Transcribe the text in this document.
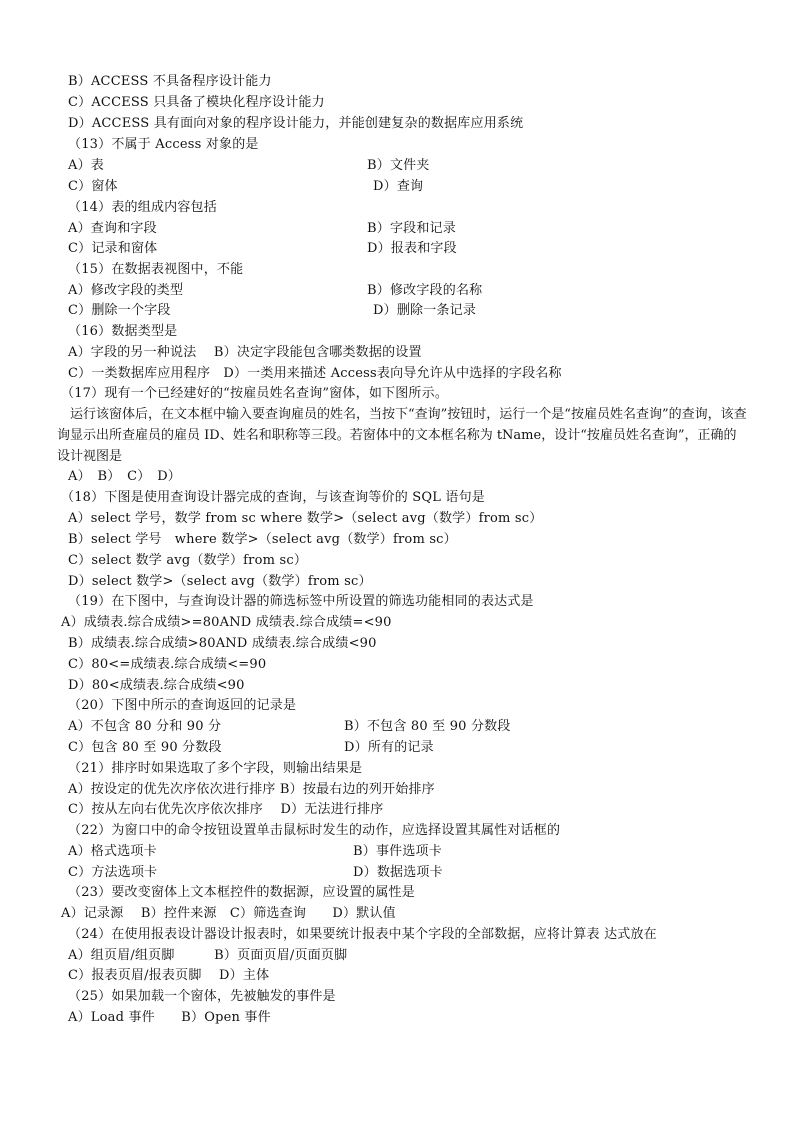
B）ACCESS 不具备程序设计能力
C）ACCESS 只具备了模块化程序设计能力
D）ACCESS 具有面向对象的程序设计能力，并能创建复杂的数据库应用系统
（13）不属于 Access 对象的是
A）表	B）文件夹
C）窗体	D）查询
（14）表的组成内容包括
A）查询和字段	B）字段和记录
C）记录和窗体	D）报表和字段
（15）在数据表视图中，不能
A）修改字段的类型	B）修改字段的名称
C）删除一个字段	D）删除一条记录
（16）数据类型是
A）字段的另一种说法　 B）决定字段能包含哪类数据的设置
C）一类数据库应用程序　D）一类用来描述 Access表向导允许从中选择的字段名称
（17）现有一个已经建好的“按雇员姓名查询”窗体，如下图所示。
　运行该窗体后，在文本框中输入要查询雇员的姓名，当按下“查询”按钮时，运行一个是“按雇员姓名查询”的查询，该查询显示出所查雇员的雇员 ID、姓名和职称等三段。若窗体中的文本框名称为 tName，设计“按雇员姓名查询”，正确的设计视图是
A）　B）　C）　D）
（18）下图是使用查询设计器完成的查询，与该查询等价的 SQL 语句是
A）select 学号，数学 from sc where 数学>（select avg（数学）from sc）
B）select 学号　where 数学>（select avg（数学）from sc）
C）select 数学 avg（数学）from sc）
D）select 数学>（select avg（数学）from sc）
（19）在下图中，与查询设计器的筛选标签中所设置的筛选功能相同的表达式是
A）成绩表.综合成绩>=80AND 成绩表.综合成绩=<90
B）成绩表.综合成绩>80AND 成绩表.综合成绩<90
C）80<=成绩表.综合成绩<=90
D）80<成绩表.综合成绩<90
（20）下图中所示的查询返回的记录是
A）不包含 80 分和 90 分	B）不包含 80 至 90 分数段
C）包含 80 至 90 分数段	D）所有的记录
（21）排序时如果选取了多个字段，则输出结果是
A）按设定的优先次序依次进行排序 B）按最右边的列开始排序
C）按从左向右优先次序依次排序　 D）无法进行排序
（22）为窗口中的命令按钮设置单击鼠标时发生的动作，应选择设置其属性对话框的
A）格式选项卡	B）事件选项卡
C）方法选项卡	D）数据选项卡
（23）要改变窗体上文本框控件的数据源，应设置的属性是
A）记录源　 B）控件来源　C）筛选查询　　D）默认值
（24）在使用报表设计器设计报表时，如果要统计报表中某个字段的全部数据，应将计算表 达式放在
A）组页眉/组页脚　　　B）页面页眉/页面页脚
C）报表页眉/报表页脚　 D）主体
（25）如果加载一个窗体，先被触发的事件是
A）Load 事件　　B）Open 事件
